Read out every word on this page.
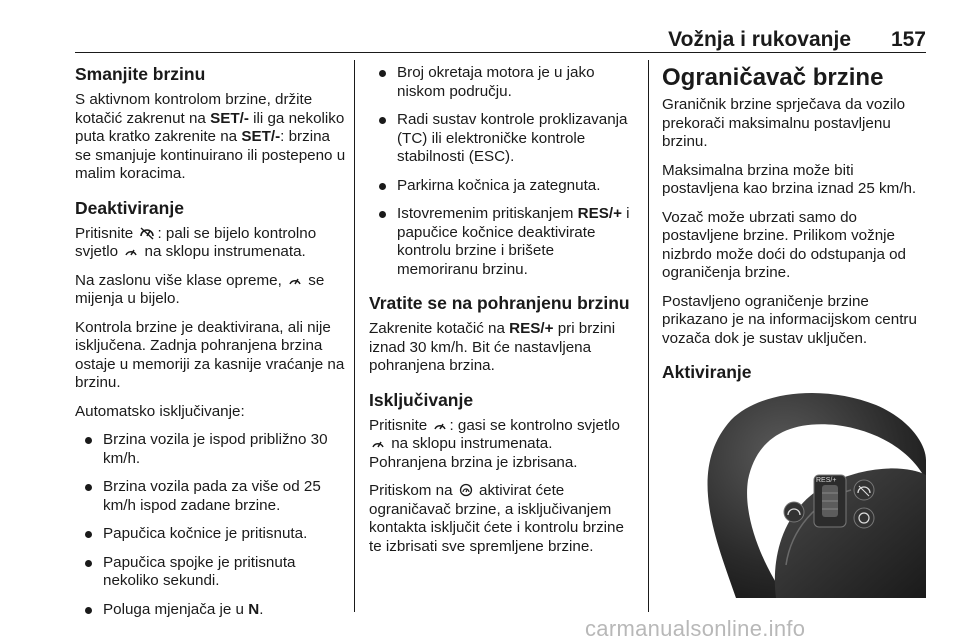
Vožnja i rukovanje 157
Smanjite brzinu

S aktivnom kontrolom brzine, držite kotačić zakrenut na SET/- ili ga nekoliko puta kratko zakrenite na SET/-: brzina se smanjuje kontinuirano ili postepeno u malim koracima.

Deaktiviranje

Pritisnite : pali se bijelo kontrolno svjetlo  na sklopu instrumenata.

Na zaslonu više klase opreme,  se mijenja u bijelo.

Kontrola brzine je deaktivirana, ali nije isključena. Zadnja pohranjena brzina ostaje u memoriji za kasnije vraćanje na brzinu.

Automatsko isključivanje:

Brzina vozila je ispod približno 30 km/h.
Brzina vozila pada za više od 25 km/h ispod zadane brzine.
Papučica kočnice je pritisnuta.
Papučica spojke je pritisnuta nekoliko sekundi.
Poluga mjenjača je u N.
Broj okretaja motora je u jako niskom području.
Radi sustav kontrole proklizavanja (TC) ili elektroničke kontrole stabilnosti (ESC).
Parkirna kočnica ja zategnuta.
Istovremenim pritiskanjem RES/+ i papučice kočnice deaktivirate kontrolu brzine i brišete memoriranu brzinu.
Vratite se na pohranjenu brzinu

Zakrenite kotačić na RES/+ pri brzini iznad 30 km/h. Bit će nastavljena pohranjena brzina.

Isključivanje

Pritisnite : gasi se kontrolno svjetlo  na sklopu instrumenata.

Pohranjena brzina je izbrisana.

Pritiskom na  aktivirat ćete ograničavač brzine, a isključivanjem kontakta isključit ćete i kontrolu brzine te izbrisati sve spremljene brzine.

Ograničavač brzine

Graničnik brzine sprječava da vozilo prekorači maksimalnu postavljenu brzinu.

Maksimalna brzina može biti postavljena kao brzina iznad 25 km/h.

Vozač može ubrzati samo do postavljene brzine. Prilikom vožnje nizbrdo može doći do odstupanja od ograničenja brzine.

Postavljeno ograničenje brzine prikazano je na informacijskom centru vozača dok je sustav uključen.

Aktiviranje
RES/+
carmanualsonline.info
